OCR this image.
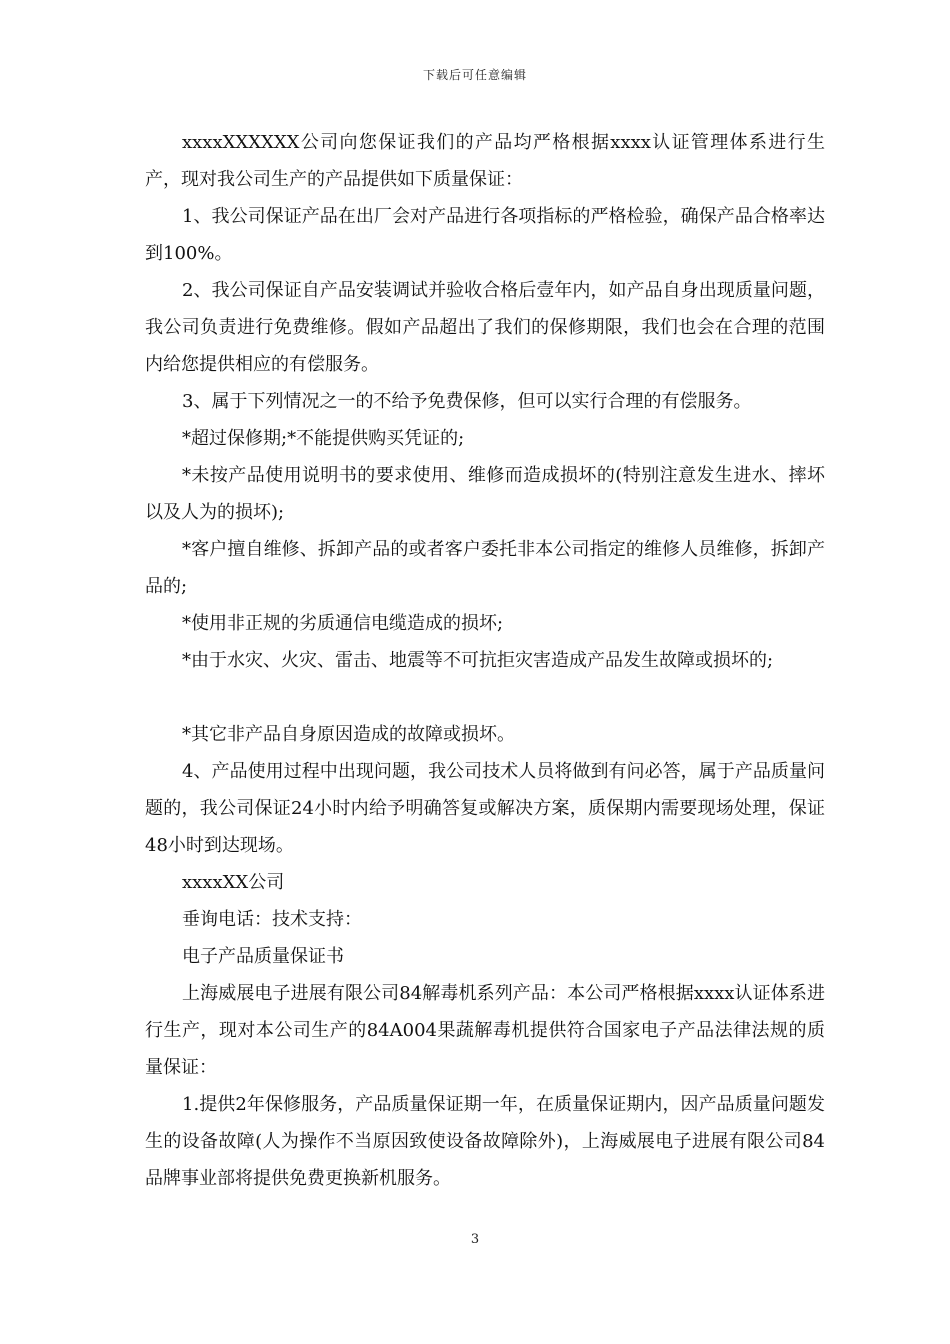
下载后可任意编辑

xxxxXXXXXX公司向您保证我们的产品均严格根据xxxx认证管理体系进行生产，现对我公司生产的产品提供如下质量保证：

1、我公司保证产品在出厂会对产品进行各项指标的严格检验，确保产品合格率达到100%。

2、我公司保证自产品安装调试并验收合格后壹年内，如产品自身出现质量问题，我公司负责进行免费维修。假如产品超出了我们的保修期限，我们也会在合理的范围内给您提供相应的有偿服务。

3、属于下列情况之一的不给予免费保修，但可以实行合理的有偿服务。

*超过保修期;*不能提供购买凭证的;

*未按产品使用说明书的要求使用、维修而造成损坏的(特别注意发生进水、摔坏以及人为的损坏);

*客户擅自维修、拆卸产品的或者客户委托非本公司指定的维修人员维修，拆卸产品的;

*使用非正规的劣质通信电缆造成的损坏;

*由于水灾、火灾、雷击、地震等不可抗拒灾害造成产品发生故障或损坏的;

*其它非产品自身原因造成的故障或损坏。

4、产品使用过程中出现问题，我公司技术人员将做到有问必答，属于产品质量问题的，我公司保证24小时内给予明确答复或解决方案，质保期内需要现场处理，保证48小时到达现场。

xxxxXX公司

垂询电话：技术支持：

电子产品质量保证书

上海威展电子进展有限公司84解毒机系列产品：本公司严格根据xxxx认证体系进行生产，现对本公司生产的84A004果蔬解毒机提供符合国家电子产品法律法规的质量保证：

1.提供2年保修服务，产品质量保证期一年，在质量保证期内，因产品质量问题发生的设备故障(人为操作不当原因致使设备故障除外)，上海威展电子进展有限公司84品牌事业部将提供免费更换新机服务。

3
